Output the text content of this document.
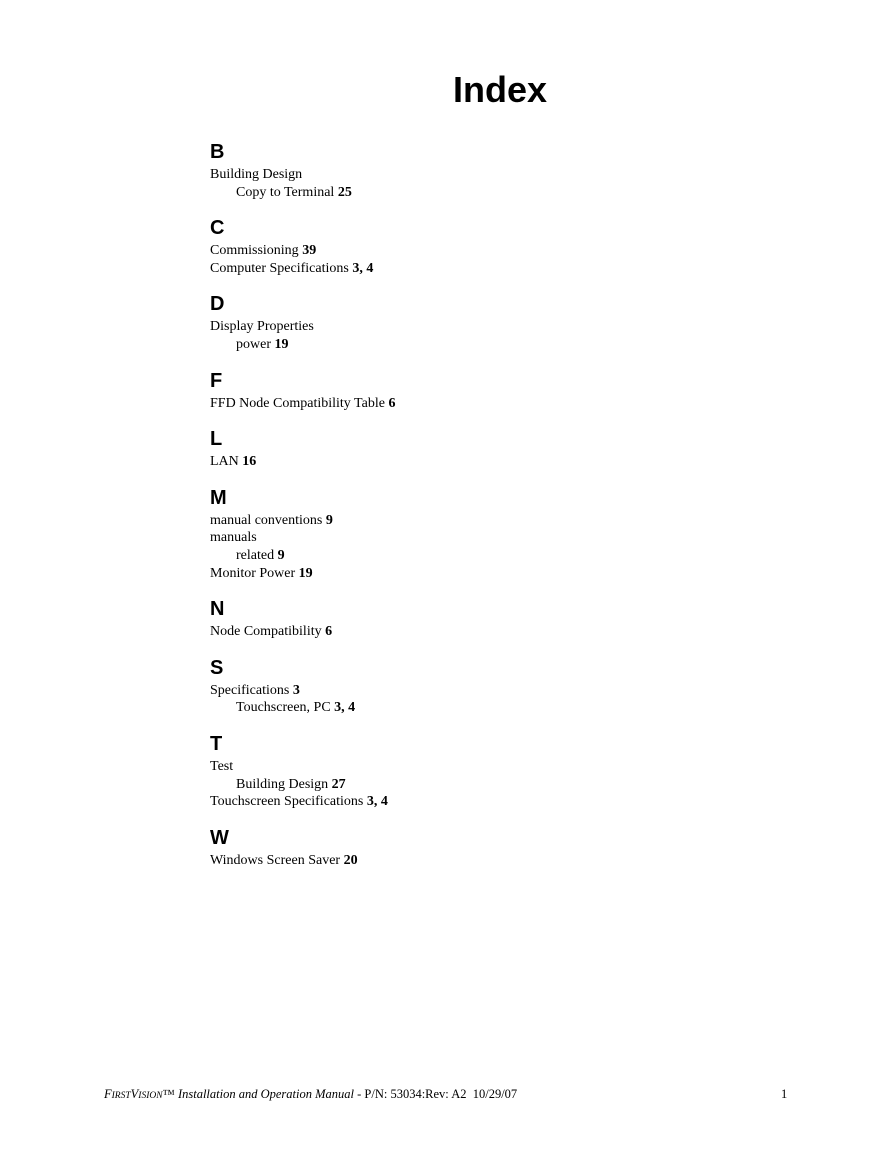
Index
B
Building Design
Copy to Terminal 25
C
Commissioning 39
Computer Specifications 3, 4
D
Display Properties
power 19
F
FFD Node Compatibility Table 6
L
LAN 16
M
manual conventions 9
manuals
related 9
Monitor Power 19
N
Node Compatibility 6
S
Specifications 3
Touchscreen, PC 3, 4
T
Test
Building Design 27
Touchscreen Specifications 3, 4
W
Windows Screen Saver 20
FIRSTVISION™ Installation and Operation Manual - P/N: 53034:Rev: A2  10/29/07	1
